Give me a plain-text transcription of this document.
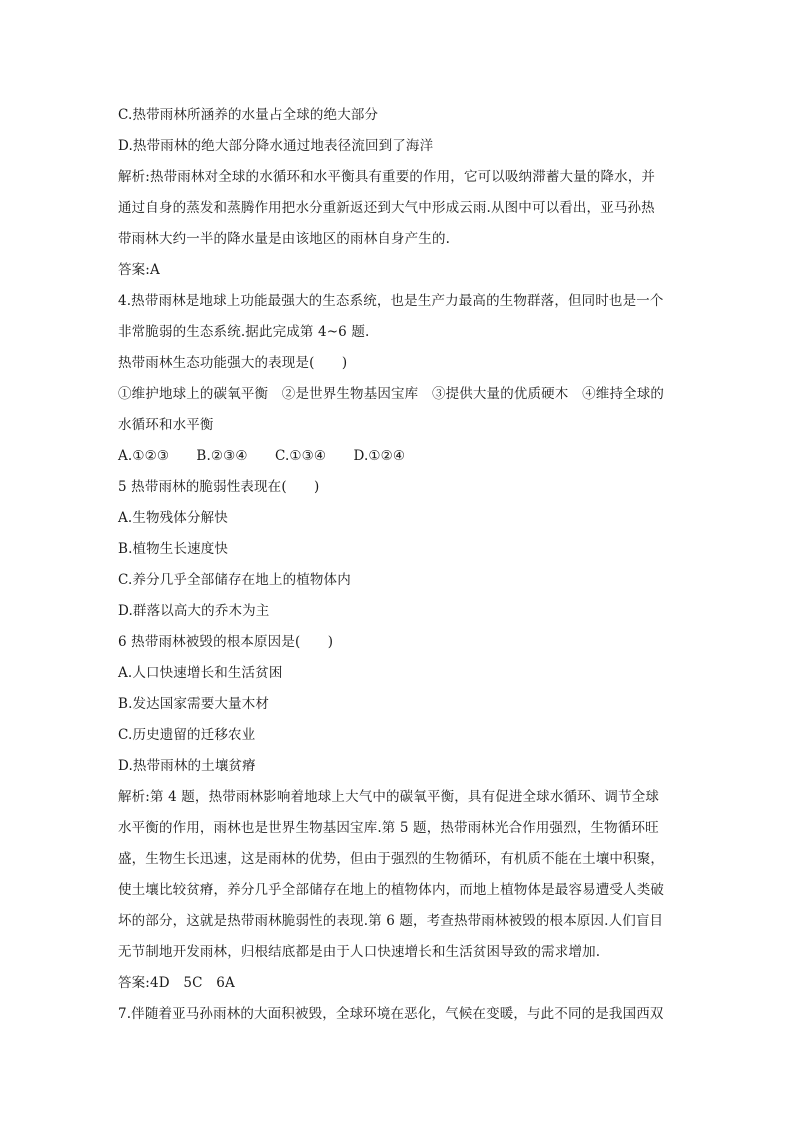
C.热带雨林所涵养的水量占全球的绝大部分
D.热带雨林的绝大部分降水通过地表径流回到了海洋
解析:热带雨林对全球的水循环和水平衡具有重要的作用，它可以吸纳滞蓄大量的降水，并
通过自身的蒸发和蒸腾作用把水分重新返还到大气中形成云雨.从图中可以看出，亚马孙热
带雨林大约一半的降水量是由该地区的雨林自身产生的.
答案:A
4.热带雨林是地球上功能最强大的生态系统，也是生产力最高的生物群落，但同时也是一个
非常脆弱的生态系统.据此完成第 4~6 题.
热带雨林生态功能强大的表现是(　　)
①维护地球上的碳氧平衡　②是世界生物基因宝库　③提供大量的优质硬木　④维持全球的
水循环和水平衡
A.①②③　　B.②③④　　C.①③④　　D.①②④
5 热带雨林的脆弱性表现在(　　)
A.生物残体分解快
B.植物生长速度快
C.养分几乎全部储存在地上的植物体内
D.群落以高大的乔木为主
6 热带雨林被毁的根本原因是(　　)
A.人口快速增长和生活贫困
B.发达国家需要大量木材
C.历史遗留的迁移农业
D.热带雨林的土壤贫瘠
解析:第 4 题，热带雨林影响着地球上大气中的碳氧平衡，具有促进全球水循环、调节全球
水平衡的作用，雨林也是世界生物基因宝库.第 5 题，热带雨林光合作用强烈，生物循环旺
盛，生物生长迅速，这是雨林的优势，但由于强烈的生物循环，有机质不能在土壤中积聚，
使土壤比较贫瘠，养分几乎全部储存在地上的植物体内，而地上植物体是最容易遭受人类破
坏的部分，这就是热带雨林脆弱性的表现.第 6 题，考查热带雨林被毁的根本原因.人们盲目
无节制地开发雨林，归根结底都是由于人口快速增长和生活贫困导致的需求增加.
答案:4D　5C　6A
7.伴随着亚马孙雨林的大面积被毁，全球环境在恶化，气候在变暖，与此不同的是我国西双
